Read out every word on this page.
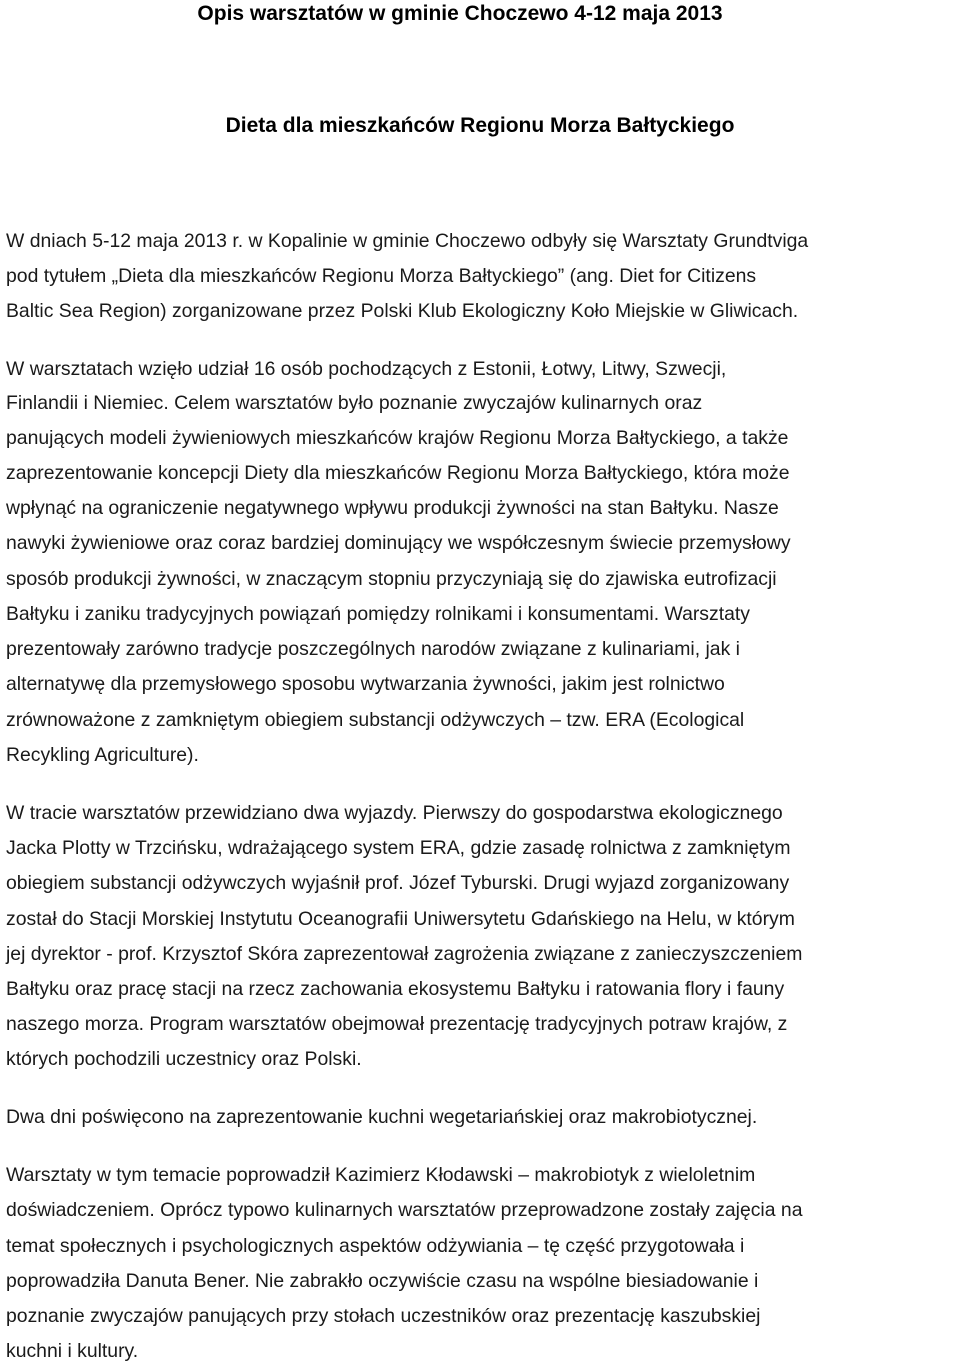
Opis warsztatów w gminie Choczewo 4-12 maja 2013
Dieta dla mieszkańców Regionu Morza Bałtyckiego

W dniach 5-12 maja 2013 r. w Kopalinie w gminie Choczewo odbyły się Warsztaty Grundtviga

pod tytułem „Dieta dla mieszkańców Regionu Morza Bałtyckiego” (ang. Diet for Citizens

Baltic Sea Region) zorganizowane przez Polski Klub Ekologiczny Koło Miejskie w Gliwicach.

W warsztatach wzięło udział 16 osób pochodzących z Estonii, Łotwy, Litwy, Szwecji,

Finlandii i Niemiec. Celem warsztatów było poznanie zwyczajów kulinarnych oraz

panujących modeli żywieniowych mieszkańców krajów Regionu Morza Bałtyckiego, a także

zaprezentowanie koncepcji Diety dla mieszkańców Regionu Morza Bałtyckiego, która może

wpłynąć na ograniczenie negatywnego wpływu produkcji żywności na stan Bałtyku. Nasze

nawyki żywieniowe oraz coraz bardziej dominujący we współczesnym świecie przemysłowy

sposób produkcji żywności, w znaczącym stopniu przyczyniają się do zjawiska eutrofizacji

Bałtyku i zaniku tradycyjnych powiązań pomiędzy rolnikami i konsumentami. Warsztaty

prezentowały zarówno tradycje poszczególnych narodów związane z kulinariami, jak i

alternatywę dla przemysłowego sposobu wytwarzania żywności, jakim jest rolnictwo

zrównoważone z zamkniętym obiegiem substancji odżywczych – tzw. ERA (Ecological

Recykling Agriculture).

W tracie warsztatów przewidziano dwa wyjazdy. Pierwszy do gospodarstwa ekologicznego

Jacka Plotty w Trzcińsku, wdrażającego system ERA, gdzie zasadę rolnictwa z zamkniętym

obiegiem substancji odżywczych wyjaśnił prof. Józef Tyburski. Drugi wyjazd zorganizowany

został do Stacji Morskiej Instytutu Oceanografii Uniwersytetu Gdańskiego na Helu, w którym

jej dyrektor - prof. Krzysztof Skóra zaprezentował zagrożenia związane z zanieczyszczeniem

Bałtyku oraz pracę stacji na rzecz zachowania ekosystemu Bałtyku i ratowania flory i fauny

naszego morza. Program warsztatów obejmował prezentację tradycyjnych potraw krajów, z

których pochodzili uczestnicy oraz Polski.

Dwa dni poświęcono na zaprezentowanie kuchni wegetariańskiej oraz makrobiotycznej.

Warsztaty w tym temacie poprowadził Kazimierz Kłodawski – makrobiotyk z wieloletnim

doświadczeniem. Oprócz typowo kulinarnych warsztatów przeprowadzone zostały zajęcia na

temat społecznych i psychologicznych aspektów odżywiania – tę część przygotowała i

poprowadziła Danuta Bener. Nie zabrakło oczywiście czasu na wspólne biesiadowanie i

poznanie zwyczajów panujących przy stołach uczestników oraz prezentację kaszubskiej

kuchni i kultury.
